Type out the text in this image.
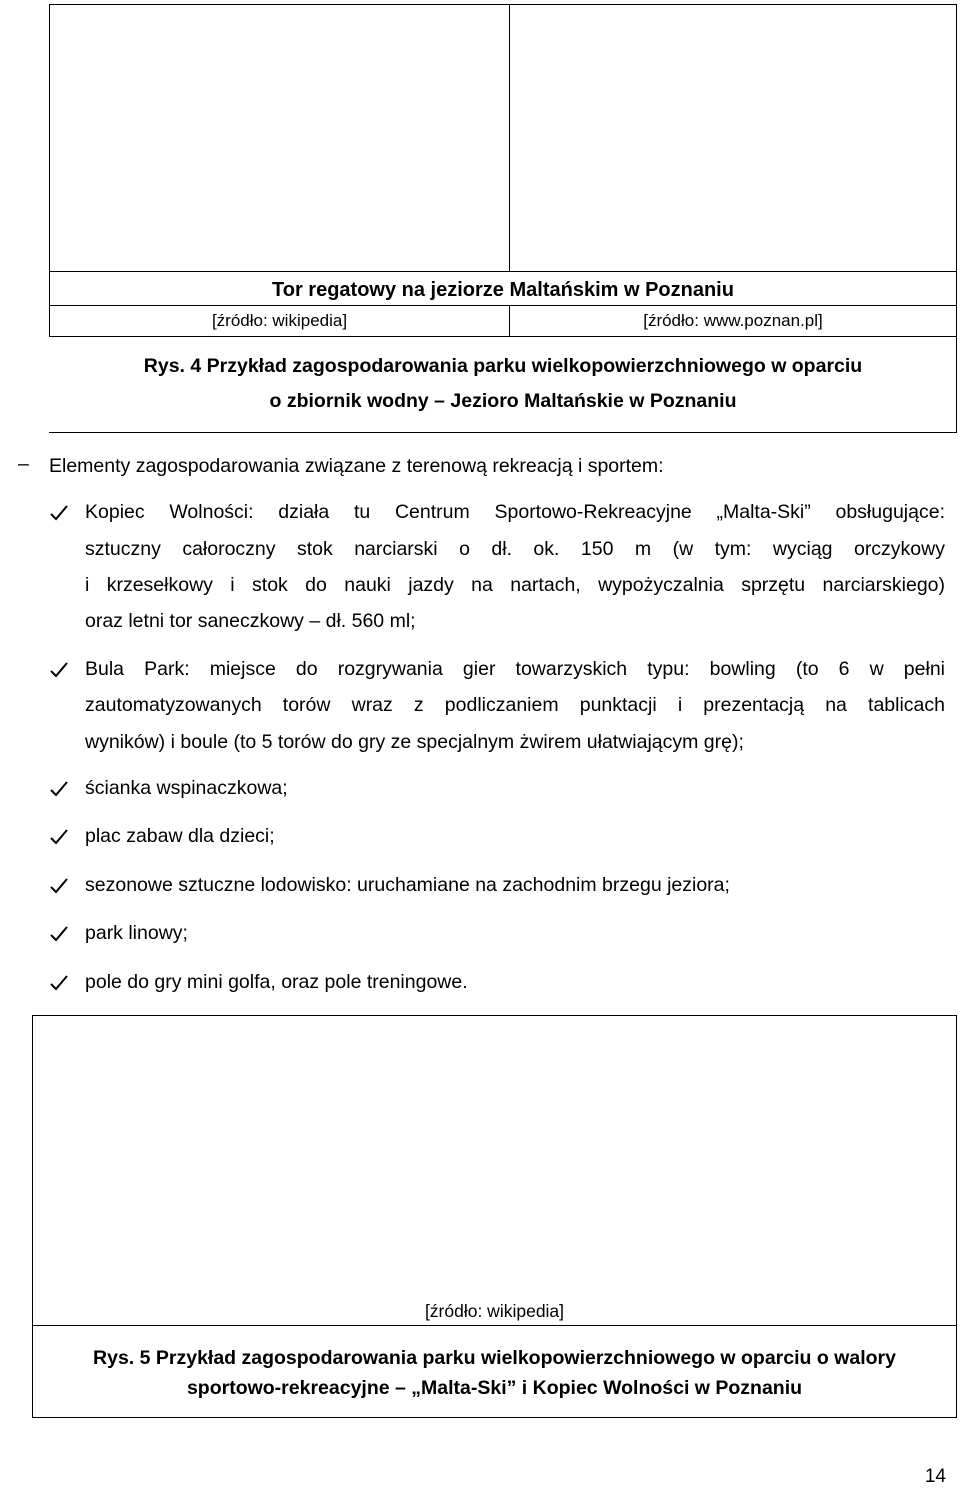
Tor regatowy na jeziorze Maltańskim w Poznaniu
[źródło: wikipedia]	[źródło: www.poznan.pl]
Rys. 4 Przykład zagospodarowania parku wielkopowierzchniowego w oparciu
o zbiornik wodny – Jezioro Maltańskie w Poznaniu
– Elementy zagospodarowania związane z terenową rekreacją i sportem:
Kopiec Wolności: działa tu Centrum Sportowo-Rekreacyjne „Malta-Ski” obsługujące:
sztuczny całoroczny stok narciarski o dł. ok. 150 m (w tym: wyciąg orczykowy
i krzesełkowy i stok do nauki jazdy na nartach, wypożyczalnia sprzętu narciarskiego)
oraz letni tor saneczkowy – dł. 560 ml;
Bula Park: miejsce do rozgrywania gier towarzyskich typu: bowling (to 6 w pełni
zautomatyzowanych torów wraz z podliczaniem punktacji i prezentacją na tablicach
wyników) i boule (to 5 torów do gry ze specjalnym żwirem ułatwiającym grę);
ścianka wspinaczkowa;
plac zabaw dla dzieci;
sezonowe sztuczne lodowisko: uruchamiane na zachodnim brzegu jeziora;
park linowy;
pole do gry mini golfa, oraz pole treningowe.
[źródło: wikipedia]
Rys. 5 Przykład zagospodarowania parku wielkopowierzchniowego w oparciu o walory
sportowo-rekreacyjne – „Malta-Ski” i Kopiec Wolności w Poznaniu
14
